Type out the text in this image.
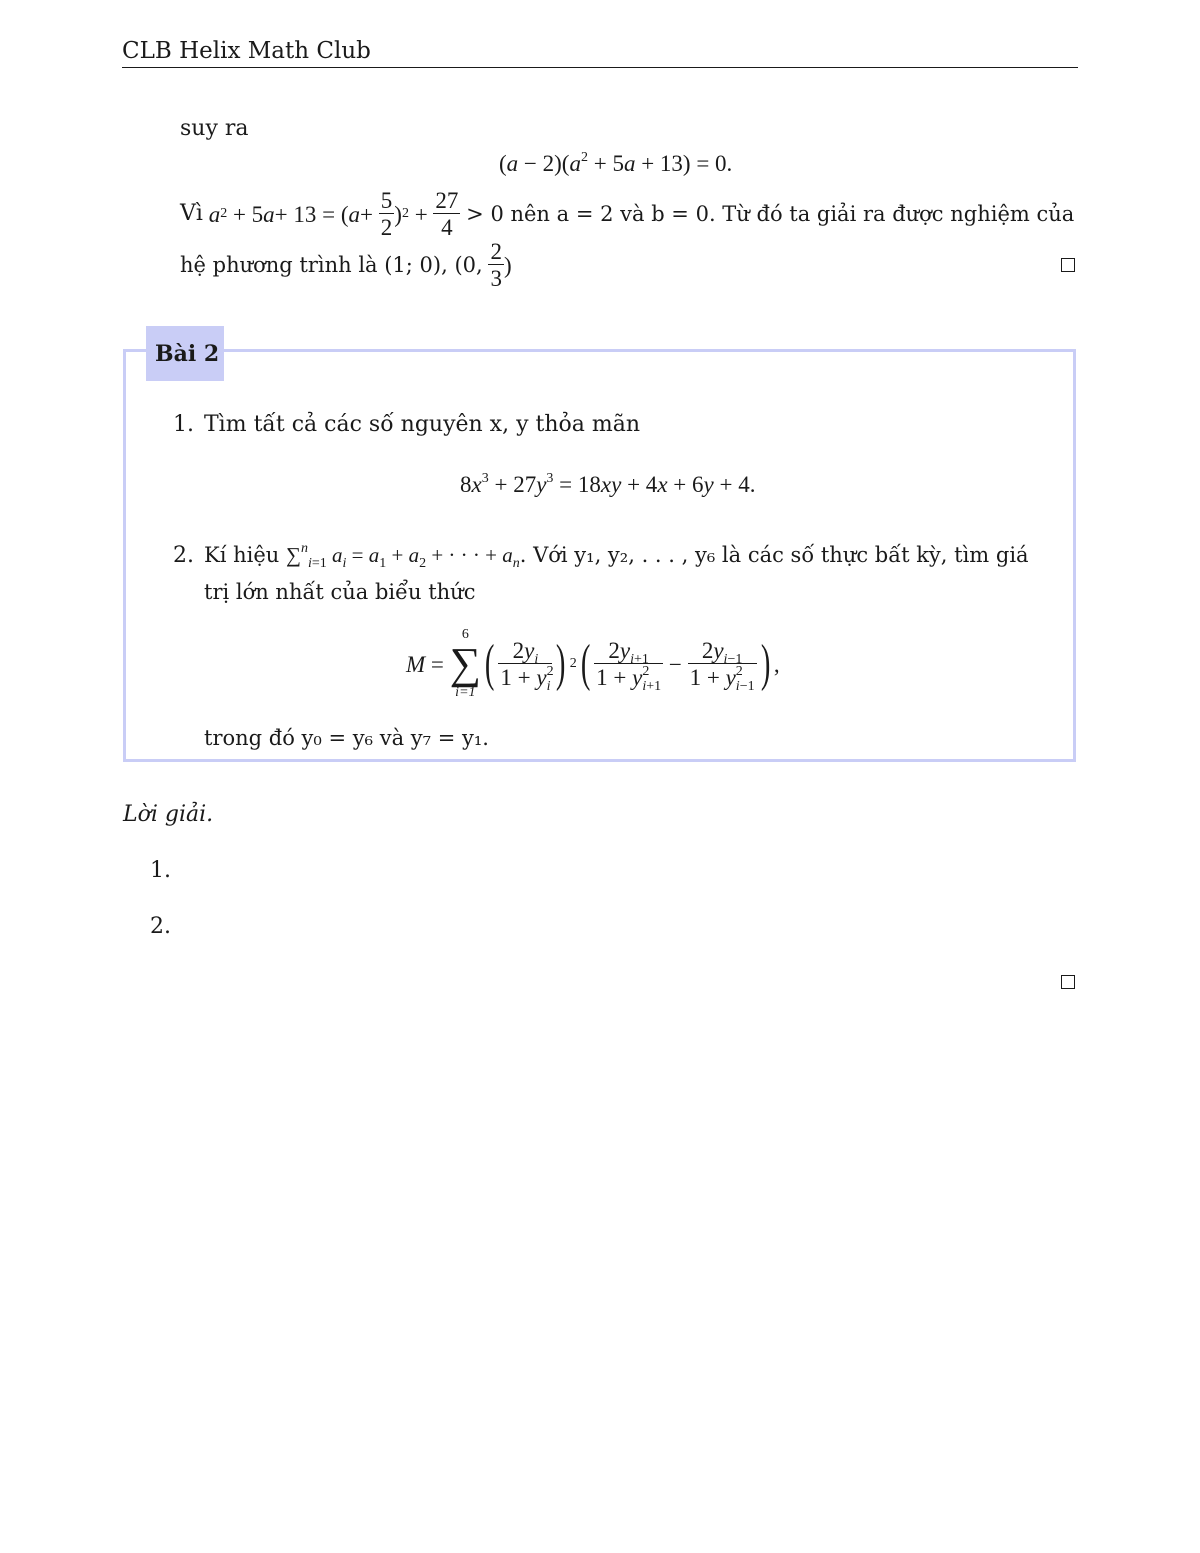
CLB Helix Math Club
suy ra
$(a - 2)(a^2 + 5a + 13) = 0$.
Vì
a 2 + 5 a + 13 = ( $a + \frac{5}{2}$ ) $2 + \frac{27}{4}$
> 0 nên a = 2 và b = 0. Từ đó ta giải ra được nghiệm của
hệ phương trình là (1; 0), (0,
$\frac{2}{3}$ )
Bài 2
1. Tìm tất cả các số nguyên x, y thỏa mãn
$8x^3 + 27y^3 = 18xy + 4x + 6y + 4$.
2. Kí hiệu ∑$^n_{i=1}$ $a_i = a_1 + a_2$ + · · · + $a_n$. Với y₁, y₂, . . . , y₆ là các số thực bất kỳ, tìm giá
trị lớn nhất của biểu thức
M =
6
∑
i=1
( $\frac{2y_i}{1 + y^2_i}$ ) 2 ( $\frac{2y_{i+1}}{1 + y^2_{i+1}} - \frac{2y_{i-1}}{1 + y^2_{i-1}}$ ) ,
trong đó y₀ = y₆ và y₇ = y₁.
Lời giải.
1.
2.
